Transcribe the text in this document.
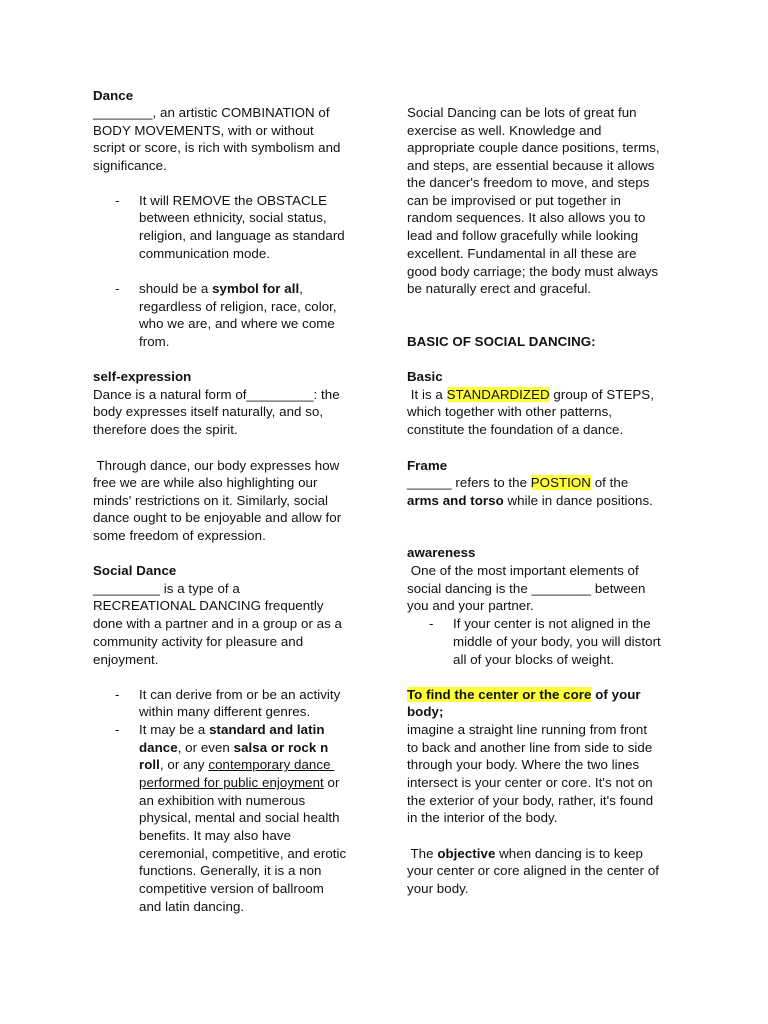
Dance
________, an artistic COMBINATION of
BODY MOVEMENTS, with or without
script or score, is rich with symbolism and
significance.
- It will REMOVE the OBSTACLE
between ethnicity, social status,
religion, and language as standard
communication mode.
- should be a symbol for all,
regardless of religion, race, color,
who we are, and where we come
from.
self-expression
Dance is a natural form of_________: the
body expresses itself naturally, and so,
therefore does the spirit.
Through dance, our body expresses how
free we are while also highlighting our
minds' restrictions on it. Similarly, social
dance ought to be enjoyable and allow for
some freedom of expression.
Social Dance
_________ is a type of a
RECREATIONAL DANCING frequently
done with a partner and in a group or as a
community activity for pleasure and
enjoyment.
- It can derive from or be an activity
within many different genres.
- It may be a standard and latin
dance, or even salsa or rock n
roll, or any contemporary dance
performed for public enjoyment or
an exhibition with numerous
physical, mental and social health
benefits. It may also have
ceremonial, competitive, and erotic
functions. Generally, it is a non
competitive version of ballroom
and latin dancing.
Social Dancing can be lots of great fun
exercise as well. Knowledge and
appropriate couple dance positions, terms,
and steps, are essential because it allows
the dancer's freedom to move, and steps
can be improvised or put together in
random sequences. It also allows you to
lead and follow gracefully while looking
excellent. Fundamental in all these are
good body carriage; the body must always
be naturally erect and graceful.
BASIC OF SOCIAL DANCING:
Basic
It is a STANDARDIZED group of STEPS,
which together with other patterns,
constitute the foundation of a dance.
Frame
______ refers to the POSTION of the
arms and torso while in dance positions.
awareness
One of the most important elements of
social dancing is the ________ between
you and your partner.
- If your center is not aligned in the
middle of your body, you will distort
all of your blocks of weight.
To find the center or the core of your
body;
imagine a straight line running from front
to back and another line from side to side
through your body. Where the two lines
intersect is your center or core. It's not on
the exterior of your body, rather, it's found
in the interior of the body.
The objective when dancing is to keep
your center or core aligned in the center of
your body.
